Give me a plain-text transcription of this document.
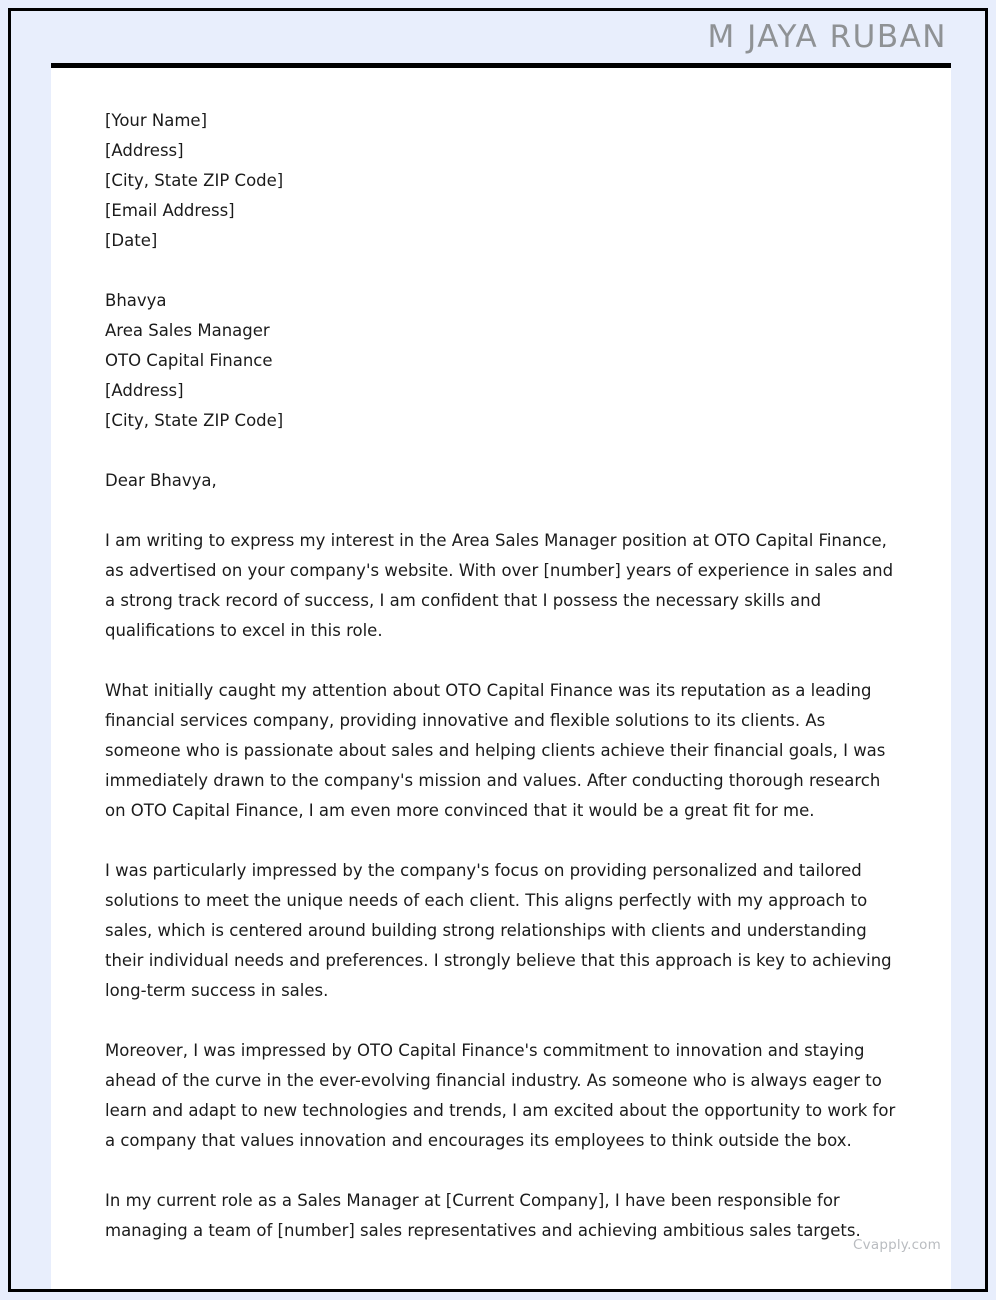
M JAYA RUBAN
[Your Name]
[Address]
[City, State ZIP Code]
[Email Address]
[Date]
Bhavya
Area Sales Manager
OTO Capital Finance
[Address]
[City, State ZIP Code]
Dear Bhavya,
I am writing to express my interest in the Area Sales Manager position at OTO Capital Finance, as advertised on your company's website. With over [number] years of experience in sales and a strong track record of success, I am confident that I possess the necessary skills and qualifications to excel in this role.
What initially caught my attention about OTO Capital Finance was its reputation as a leading financial services company, providing innovative and flexible solutions to its clients. As someone who is passionate about sales and helping clients achieve their financial goals, I was immediately drawn to the company's mission and values. After conducting thorough research on OTO Capital Finance, I am even more convinced that it would be a great fit for me.
I was particularly impressed by the company's focus on providing personalized and tailored solutions to meet the unique needs of each client. This aligns perfectly with my approach to sales, which is centered around building strong relationships with clients and understanding their individual needs and preferences. I strongly believe that this approach is key to achieving long-term success in sales.
Moreover, I was impressed by OTO Capital Finance's commitment to innovation and staying ahead of the curve in the ever-evolving financial industry. As someone who is always eager to learn and adapt to new technologies and trends, I am excited about the opportunity to work for a company that values innovation and encourages its employees to think outside the box.
In my current role as a Sales Manager at [Current Company], I have been responsible for managing a team of [number] sales representatives and achieving ambitious sales targets.
Cvapply.com
